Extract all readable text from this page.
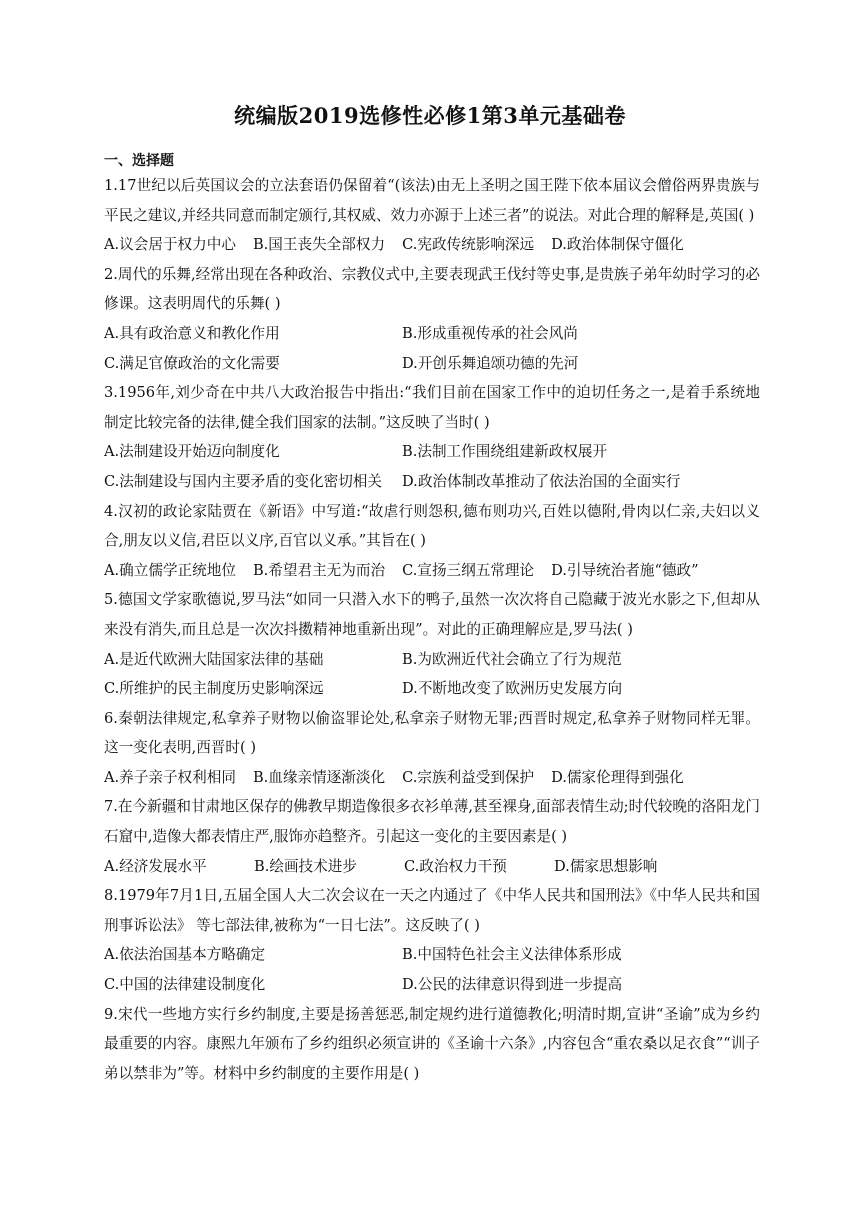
统编版2019选修性必修1第3单元基础卷
一、选择题
1.17世纪以后英国议会的立法套语仍保留着“(该法)由无上圣明之国王陛下依本届议会僧俗两界贵族与平民之建议,并经共同意而制定颁行,其权威、效力亦源于上述三者”的说法。对此合理的解释是,英国( )
A.议会居于权力中心 B.国王丧失全部权力 C.宪政传统影响深远 D.政治体制保守僵化
2.周代的乐舞,经常出现在各种政治、宗教仪式中,主要表现武王伐纣等史事,是贵族子弟年幼时学习的必修课。这表明周代的乐舞( )
A.具有政治意义和教化作用	B.形成重视传承的社会风尚
C.满足官僚政治的文化需要	D.开创乐舞追颂功德的先河
3.1956年,刘少奇在中共八大政治报告中指出:“我们目前在国家工作中的迫切任务之一,是着手系统地制定比较完备的法律,健全我们国家的法制。”这反映了当时( )
A.法制建设开始迈向制度化	B.法制工作围绕组建新政权展开
C.法制建设与国内主要矛盾的变化密切相关	D.政治体制改革推动了依法治国的全面实行
4.汉初的政论家陆贾在《新语》中写道:“故虐行则怨积,德布则功兴,百姓以德附,骨肉以仁亲,夫妇以义合,朋友以义信,君臣以义序,百官以义承。”其旨在( )
A.确立儒学正统地位 B.希望君主无为而治 C.宣扬三纲五常理论 D.引导统治者施“德政”
5.德国文学家歌德说,罗马法“如同一只潜入水下的鸭子,虽然一次次将自己隐藏于波光水影之下,但却从来没有消失,而且总是一次次抖擞精神地重新出现”。对此的正确理解应是,罗马法( )
A.是近代欧洲大陆国家法律的基础	B.为欧洲近代社会确立了行为规范
C.所维护的民主制度历史影响深远	D.不断地改变了欧洲历史发展方向
6.秦朝法律规定,私拿养子财物以偷盗罪论处,私拿亲子财物无罪;西晋时规定,私拿养子财物同样无罪。这一变化表明,西晋时( )
A.养子亲子权利相同 B.血缘亲情逐渐淡化 C.宗族利益受到保护 D.儒家伦理得到强化
7.在今新疆和甘肃地区保存的佛教早期造像很多衣衫单薄,甚至裸身,面部表情生动;时代较晚的洛阳龙门石窟中,造像大都表情庄严,服饰亦趋整齐。引起这一变化的主要因素是( )
A.经济发展水平	B.绘画技术进步	C.政治权力干预	D.儒家思想影响
8.1979年7月1日,五届全国人大二次会议在一天之内通过了《中华人民共和国刑法》《中华人民共和国刑事诉讼法》 等七部法律,被称为“一日七法”。这反映了( )
A.依法治国基本方略确定	B.中国特色社会主义法律体系形成
C.中国的法律建设制度化	D.公民的法律意识得到进一步提高
9.宋代一些地方实行乡约制度,主要是扬善惩恶,制定规约进行道德教化;明清时期,宣讲“圣谕”成为乡约最重要的内容。康熙九年颁布了乡约组织必须宣讲的《圣谕十六条》,内容包含“重农桑以足衣食”“训子弟以禁非为”等。材料中乡约制度的主要作用是( )
